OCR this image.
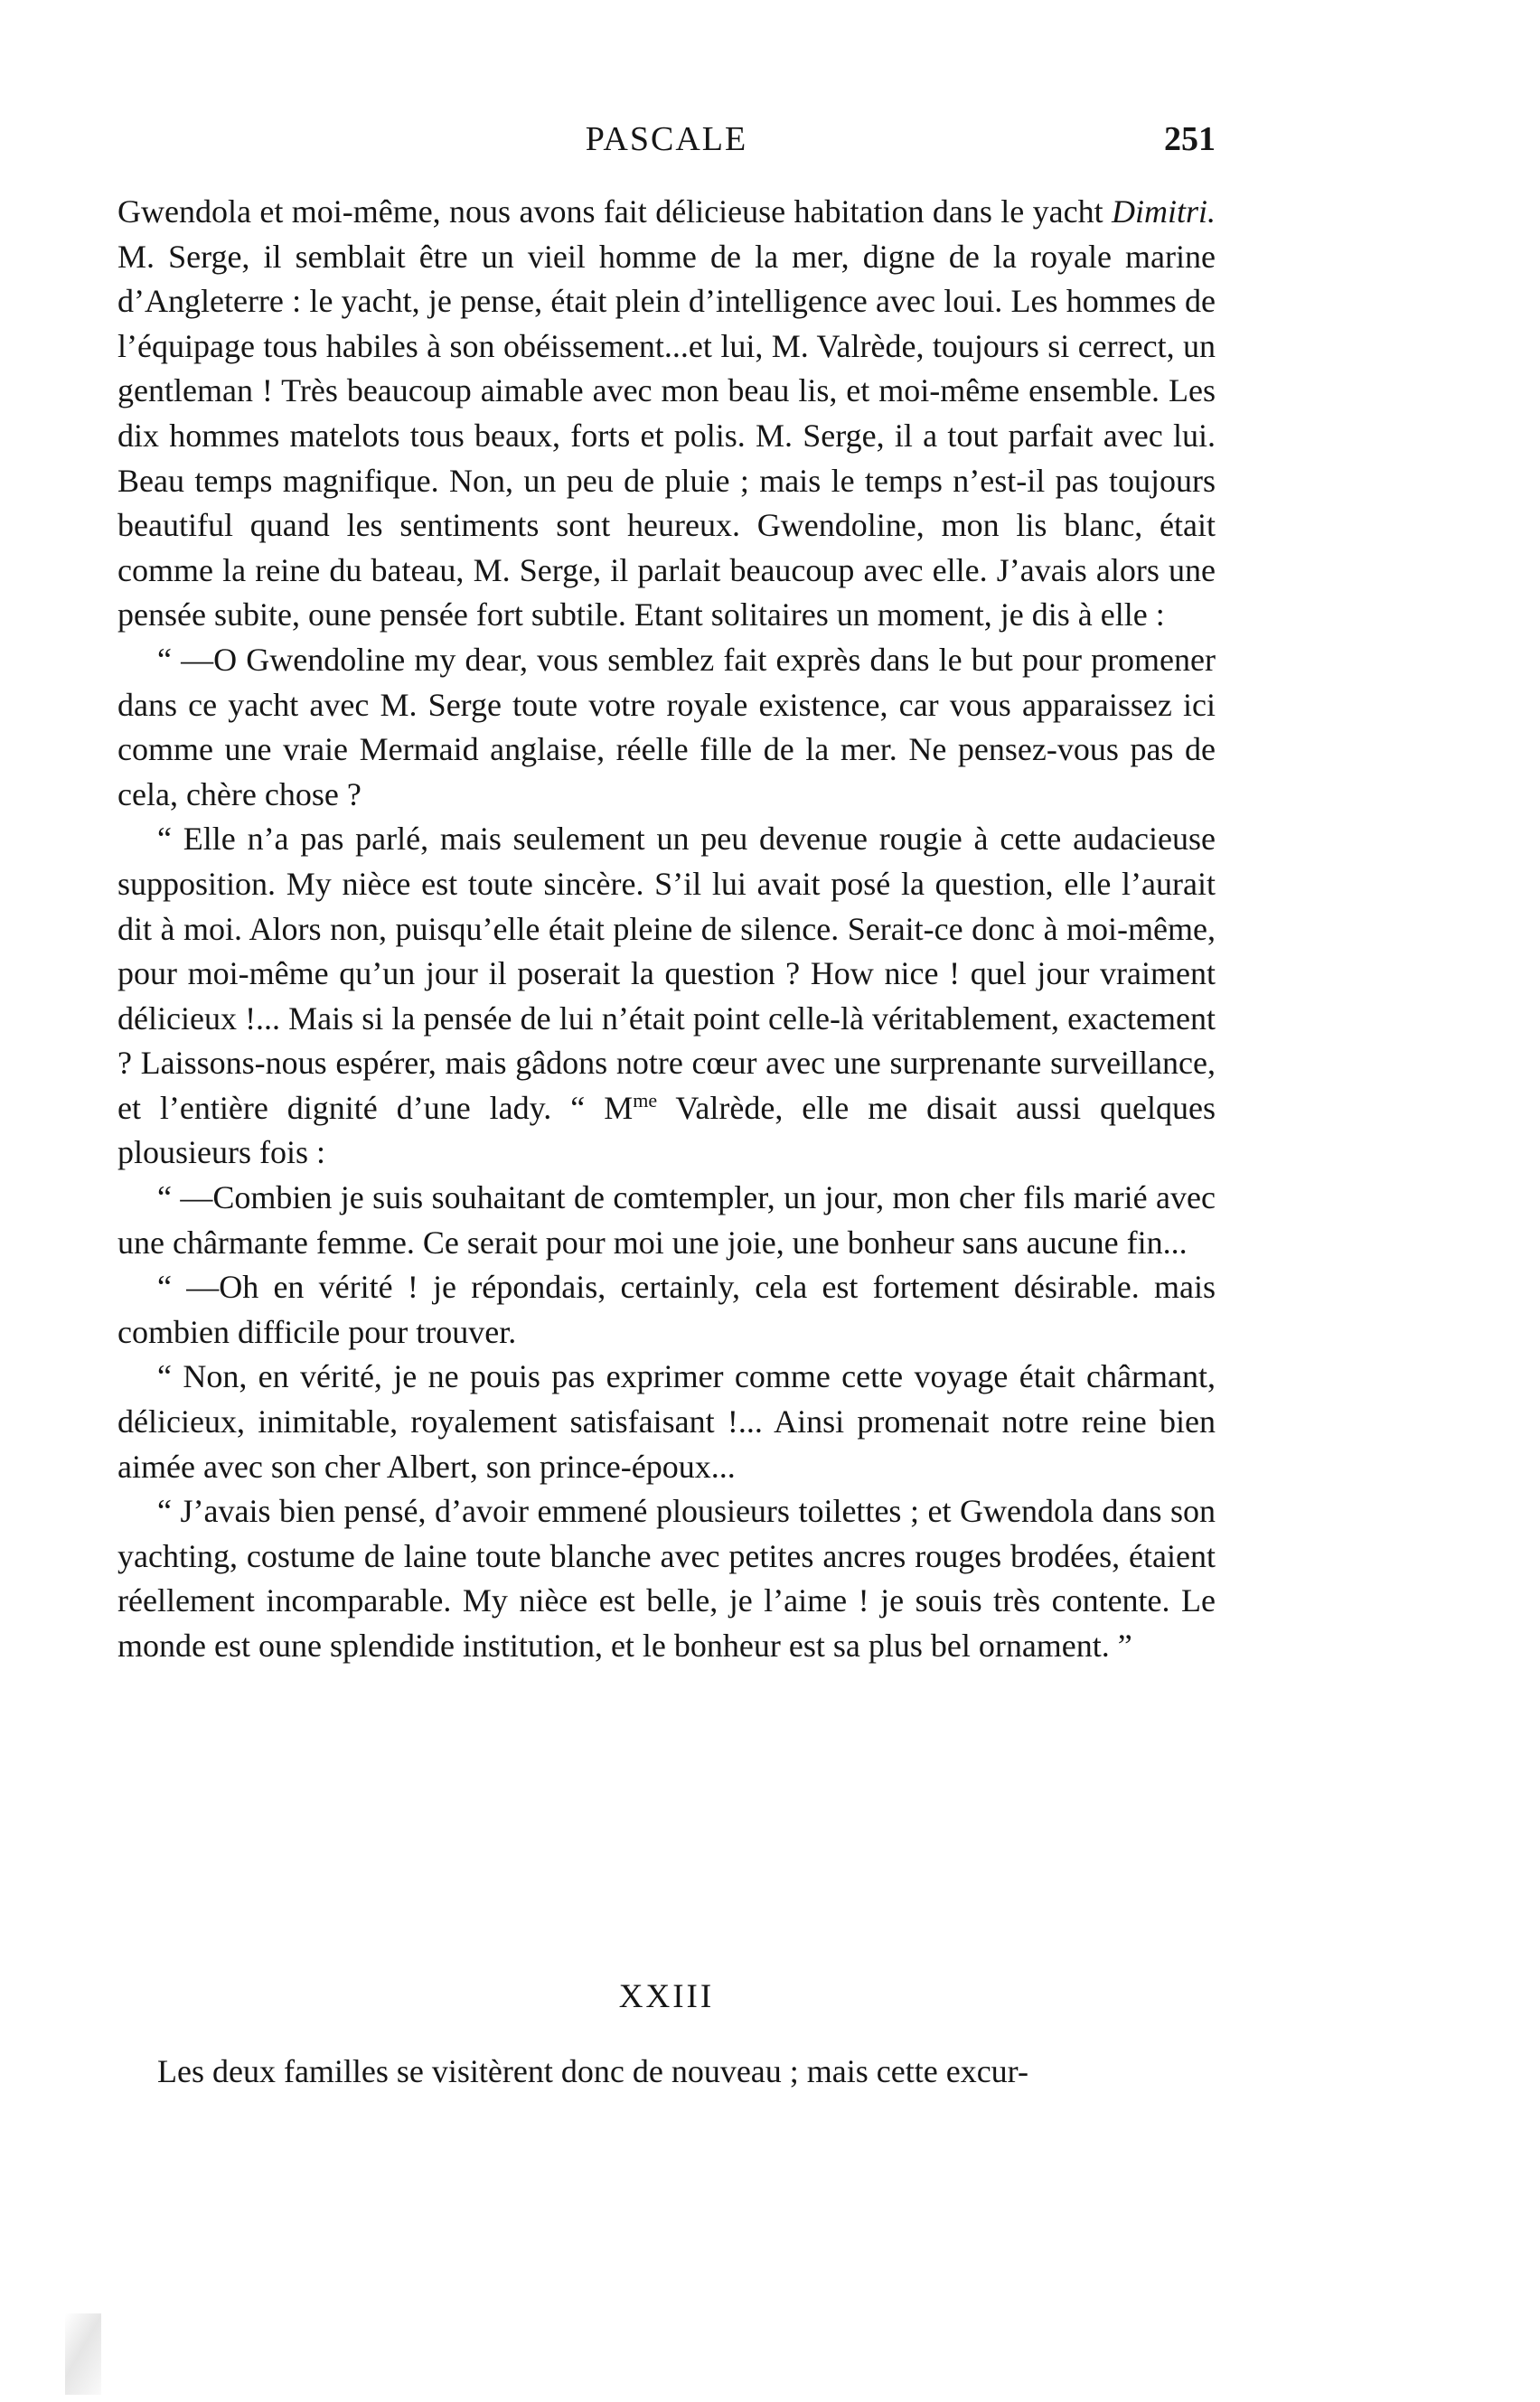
PASCALE	251

Gwendola et moi-même, nous avons fait délicieuse habitation dans le yacht Dimitri. M. Serge, il semblait être un vieil homme de la mer, digne de la royale marine d’Angleterre : le yacht, je pense, était plein d’intelligence avec loui. Les hommes de l’équipage tous habiles à son obéissement...et lui, M. Valrède, toujours si cerrect, un gentleman ! Très beaucoup aimable avec mon beau lis, et moi-même ensemble. Les dix hommes matelots tous beaux, forts et polis. M. Serge, il a tout parfait avec lui. Beau temps magnifique. Non, un peu de pluie ; mais le temps n’est-il pas toujours beautiful quand les sentiments sont heureux. Gwendoline, mon lis blanc, était comme la reine du bateau, M. Serge, il parlait beaucoup avec elle. J’avais alors une pensée subite, oune pensée fort subtile. Etant solitaires un moment, je dis à elle :

“ —O Gwendoline my dear, vous semblez fait exprès dans le but pour promener dans ce yacht avec M. Serge toute votre royale existence, car vous apparaissez ici comme une vraie Mermaid anglaise, réelle fille de la mer. Ne pensez-vous pas de cela, chère chose ?

“ Elle n’a pas parlé, mais seulement un peu devenue rougie à cette audacieuse supposition. My nièce est toute sincère. S’il lui avait posé la question, elle l’aurait dit à moi. Alors non, puisqu’elle était pleine de silence. Serait-ce donc à moi-même, pour moi-même qu’un jour il poserait la question ? How nice ! quel jour vraiment délicieux !... Mais si la pensée de lui n’était point celle-là véritablement, exactement ? Laissons-nous espérer, mais gâdons notre cœur avec une surprenante surveillance, et l’entière dignité d’une lady. “ $M^{me}$ Valrède, elle me disait aussi quelques plousieurs fois :

“ —Combien je suis souhaitant de comtempler, un jour, mon cher fils marié avec une chârmante femme. Ce serait pour moi une joie, une bonheur sans aucune fin...

“ —Oh en vérité ! je répondais, certainly, cela est fortement désirable. mais combien difficile pour trouver.

“ Non, en vérité, je ne pouis pas exprimer comme cette voyage était chârmant, délicieux, inimitable, royalement satisfaisant !... Ainsi promenait notre reine bien aimée avec son cher Albert, son prince-époux...

“ J’avais bien pensé, d’avoir emmené plousieurs toilettes ; et Gwendola dans son yachting, costume de laine toute blanche avec petites ancres rouges brodées, étaient réellement incomparable. My nièce est belle, je l’aime ! je souis très contente. Le monde est oune splendide institution, et le bonheur est sa plus bel ornament. ”

XXIII

Les deux familles se visitèrent donc de nouveau ; mais cette excur-
